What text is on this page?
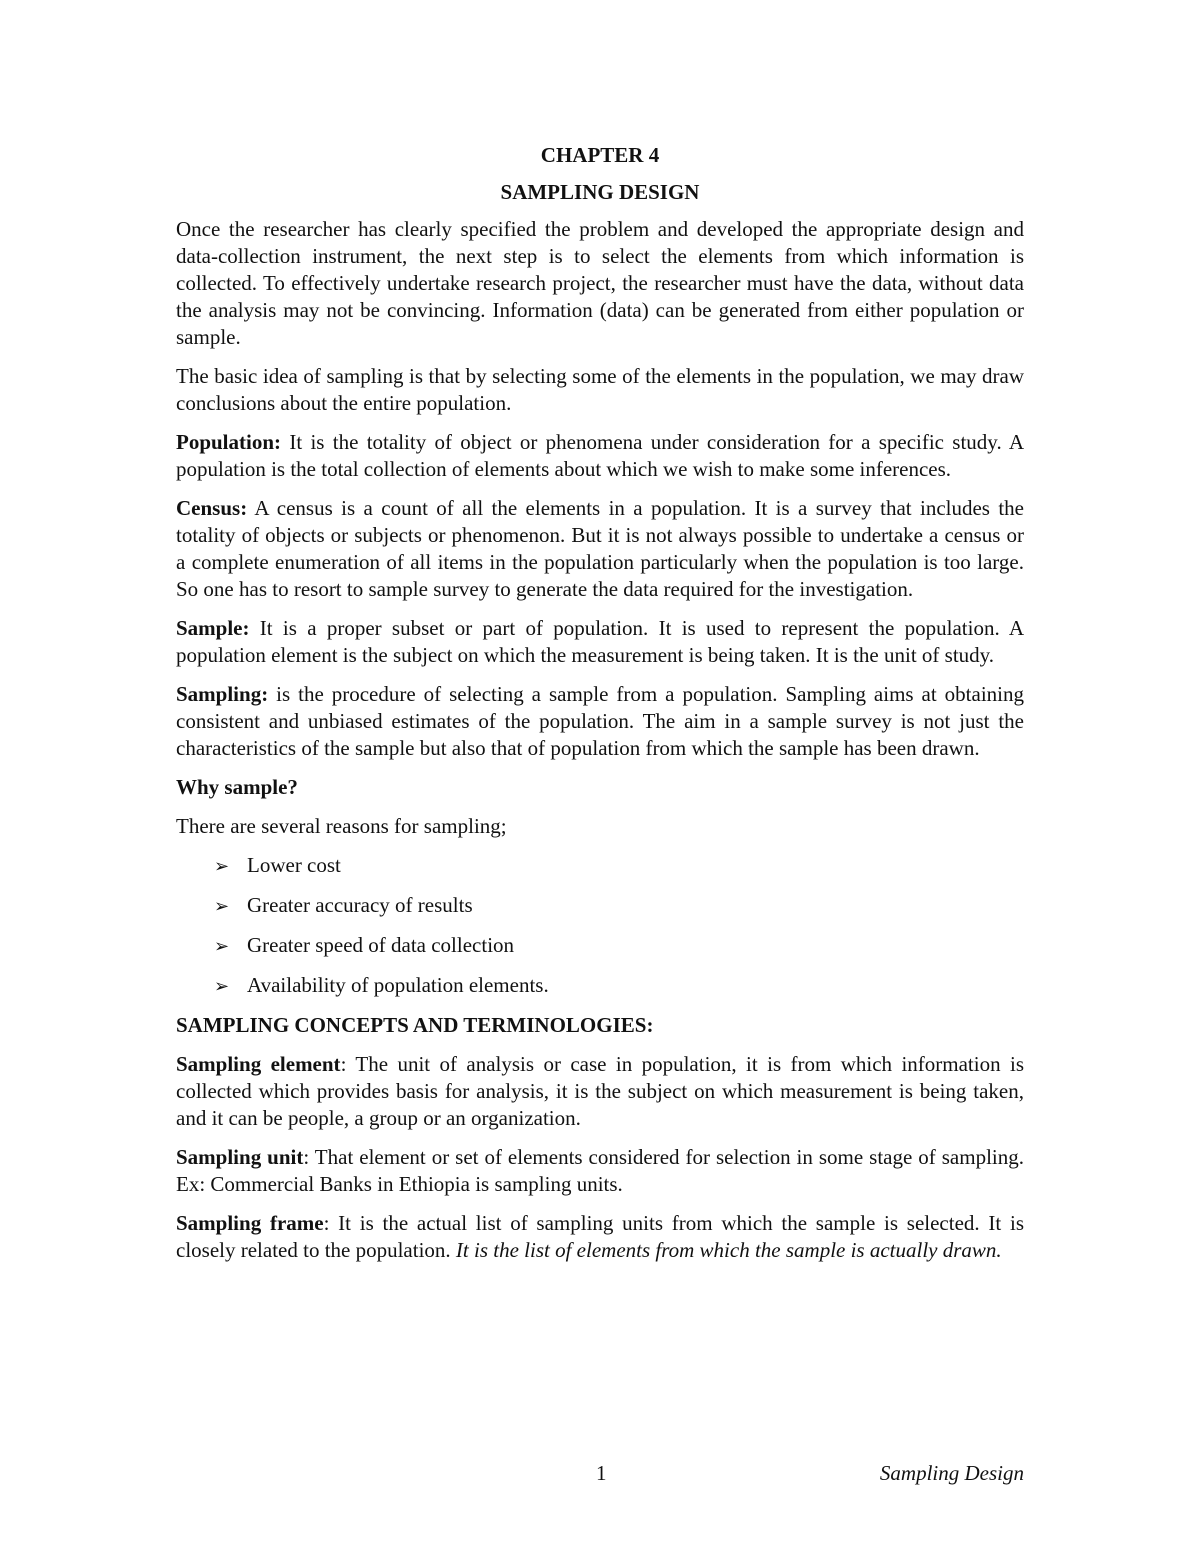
CHAPTER 4
SAMPLING DESIGN

Once the researcher has clearly specified the problem and developed the appropriate design and data-collection instrument, the next step is to select the elements from which information is collected. To effectively undertake research project, the researcher must have the data, without data the analysis may not be convincing. Information (data) can be generated from either population or sample.

The basic idea of sampling is that by selecting some of the elements in the population, we may draw conclusions about the entire population.

Population: It is the totality of object or phenomena under consideration for a specific study. A population is the total collection of elements about which we wish to make some inferences.

Census: A census is a count of all the elements in a population. It is a survey that includes the totality of objects or subjects or phenomenon. But it is not always possible to undertake a census or a complete enumeration of all items in the population particularly when the population is too large. So one has to resort to sample survey to generate the data required for the investigation.

Sample: It is a proper subset or part of population. It is used to represent the population. A population element is the subject on which the measurement is being taken. It is the unit of study.

Sampling: is the procedure of selecting a sample from a population. Sampling aims at obtaining consistent and unbiased estimates of the population. The aim in a sample survey is not just the characteristics of the sample but also that of population from which the sample has been drawn.

Why sample?

There are several reasons for sampling;

➢ Lower cost
➢ Greater accuracy of results
➢ Greater speed of data collection
➢ Availability of population elements.
SAMPLING CONCEPTS AND TERMINOLOGIES:

Sampling element: The unit of analysis or case in population, it is from which information is collected which provides basis for analysis, it is the subject on which measurement is being taken, and it can be people, a group or an organization.

Sampling unit: That element or set of elements considered for selection in some stage of sampling. Ex: Commercial Banks in Ethiopia is sampling units.

Sampling frame: It is the actual list of sampling units from which the sample is selected. It is closely related to the population. It is the list of elements from which the sample is actually drawn.

1	Sampling Design
